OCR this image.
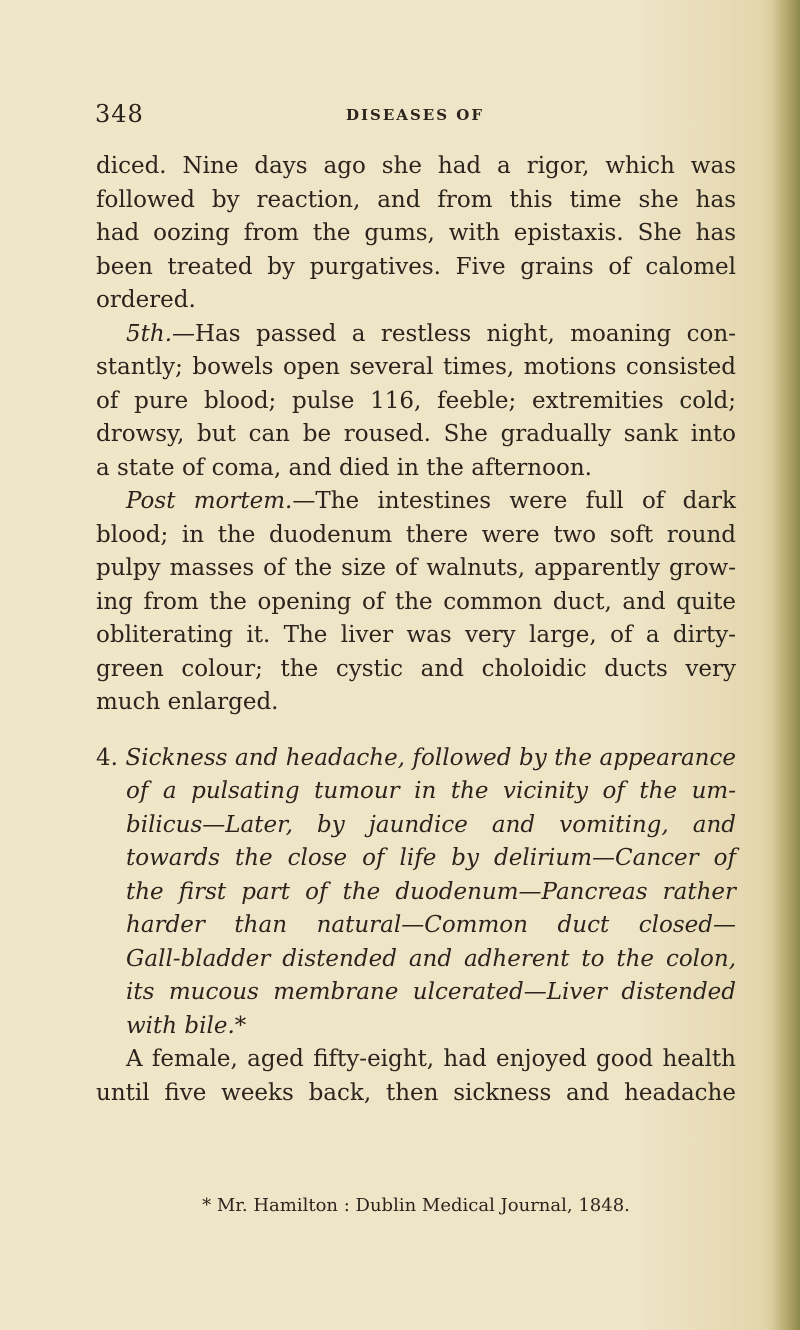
348	DISEASES OF
diced. Nine days ago she had a rigor, which was
followed by reaction, and from this time she has
had oozing from the gums, with epistaxis. She has
been treated by purgatives. Five grains of calomel
ordered.
5th.—Has passed a restless night, moaning con-
stantly; bowels open several times, motions consisted
of pure blood; pulse 116, feeble; extremities cold;
drowsy, but can be roused. She gradually sank into
a state of coma, and died in the afternoon.
Post mortem.—The intestines were full of dark
blood; in the duodenum there were two soft round
pulpy masses of the size of walnuts, apparently grow-
ing from the opening of the common duct, and quite
obliterating it. The liver was very large, of a dirty-
green colour; the cystic and choloidic ducts very
much enlarged.
4. Sickness and headache, followed by the appearance
of a pulsating tumour in the vicinity of the um-
bilicus—Later, by jaundice and vomiting, and
towards the close of life by delirium—Cancer of
the first part of the duodenum—Pancreas rather
harder than natural—Common duct closed—
Gall-bladder distended and adherent to the colon,
its mucous membrane ulcerated—Liver distended
with bile.*
A female, aged fifty-eight, had enjoyed good health
until five weeks back, then sickness and headache
* Mr. Hamilton : Dublin Medical Journal, 1848.
